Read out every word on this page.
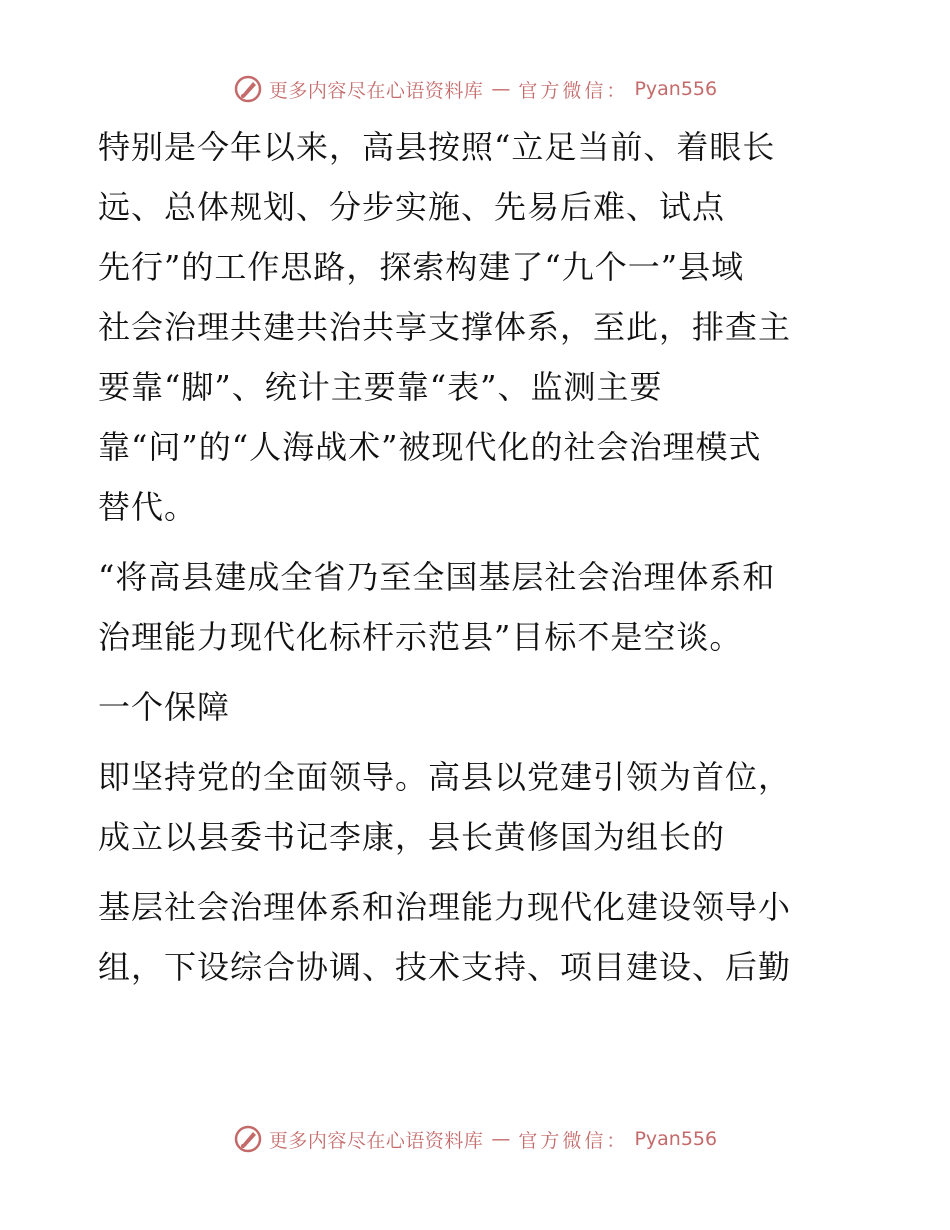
更多内容尽在心语资料库 — 官方微信： Pyan556
特别是今年以来，高县按照“立足当前、着眼长
远、总体规划、分步实施、先易后难、试点
先行”的工作思路，探索构建了“九个一”县域
社会治理共建共治共享支撑体系，至此，排查主
要靠“脚”、统计主要靠“表”、监测主要
靠“问”的“人海战术”被现代化的社会治理模式
替代。
“将高县建成全省乃至全国基层社会治理体系和
治理能力现代化标杆示范县”目标不是空谈。
一个保障
即坚持党的全面领导。高县以党建引领为首位，
成立以县委书记李康，县长黄修国为组长的
基层社会治理体系和治理能力现代化建设领导小
组，下设综合协调、技术支持、项目建设、后勤
更多内容尽在心语资料库 — 官方微信： Pyan556
